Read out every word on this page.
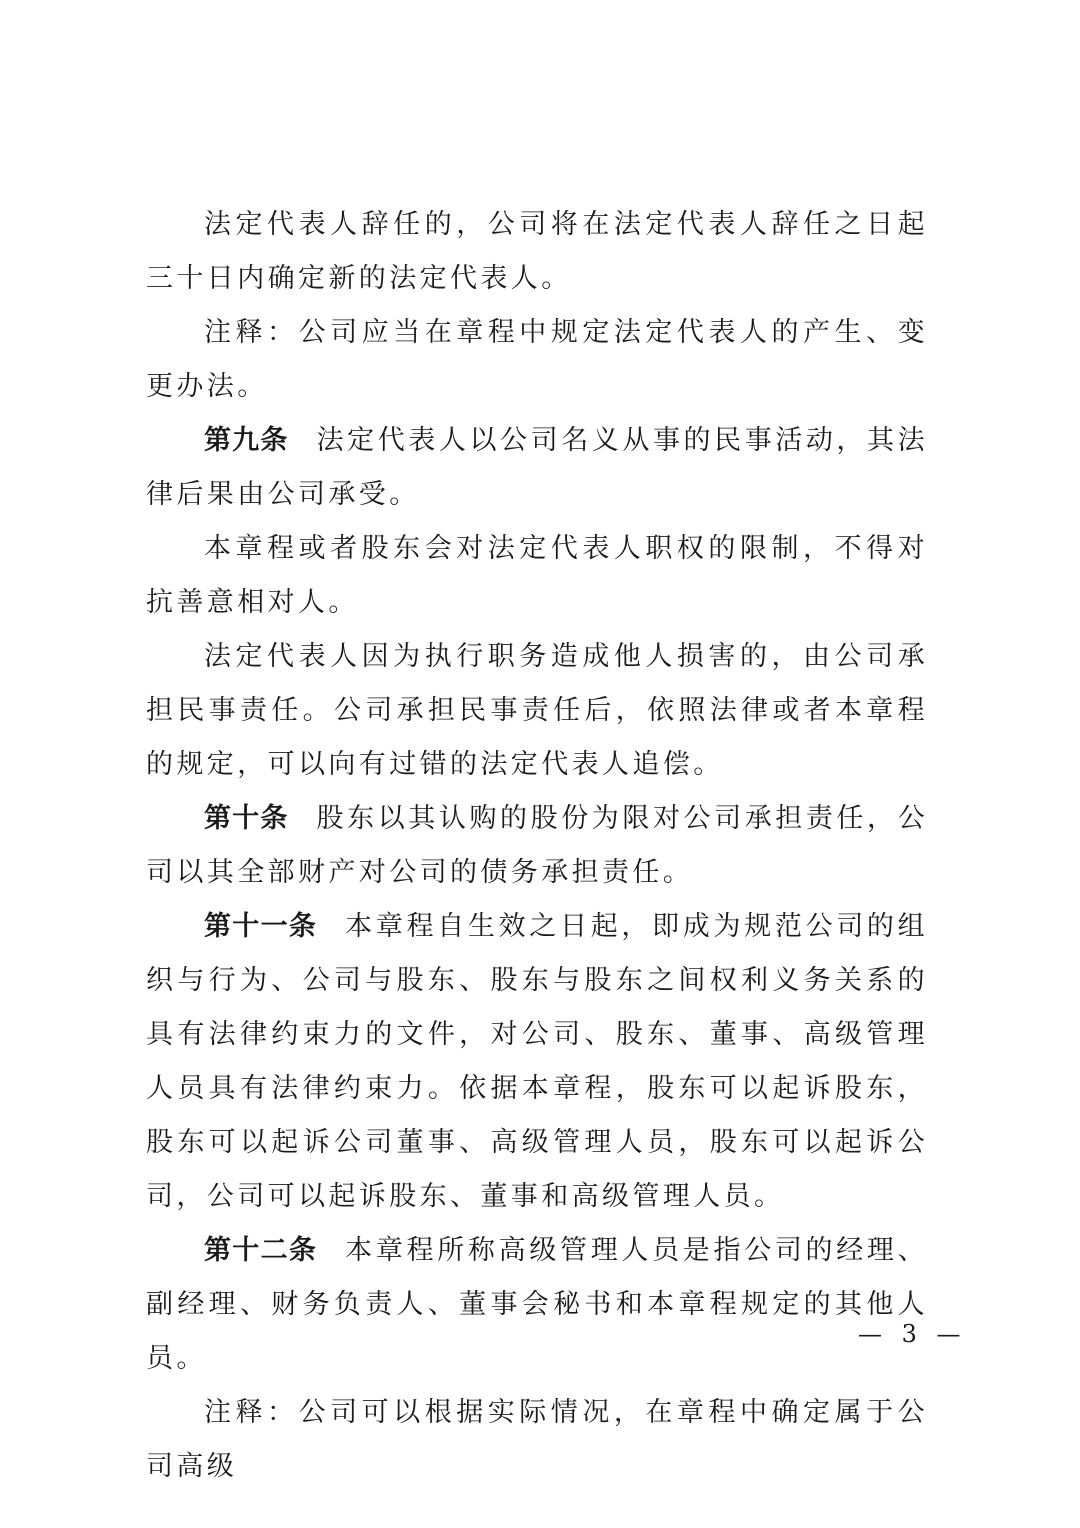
法定代表人辞任的，公司将在法定代表人辞任之日起三十日内确定新的法定代表人。

注释：公司应当在章程中规定法定代表人的产生、变更办法。

第九条 法定代表人以公司名义从事的民事活动，其法律后果由公司承受。

本章程或者股东会对法定代表人职权的限制，不得对抗善意相对人。

法定代表人因为执行职务造成他人损害的，由公司承担民事责任。公司承担民事责任后，依照法律或者本章程的规定，可以向有过错的法定代表人追偿。

第十条 股东以其认购的股份为限对公司承担责任，公司以其全部财产对公司的债务承担责任。

第十一条 本章程自生效之日起，即成为规范公司的组织与行为、公司与股东、股东与股东之间权利义务关系的具有法律约束力的文件，对公司、股东、董事、高级管理人员具有法律约束力。依据本章程，股东可以起诉股东，股东可以起诉公司董事、高级管理人员，股东可以起诉公司，公司可以起诉股东、董事和高级管理人员。

第十二条 本章程所称高级管理人员是指公司的经理、副经理、财务负责人、董事会秘书和本章程规定的其他人员。

注释：公司可以根据实际情况，在章程中确定属于公司高级

— 3 —
